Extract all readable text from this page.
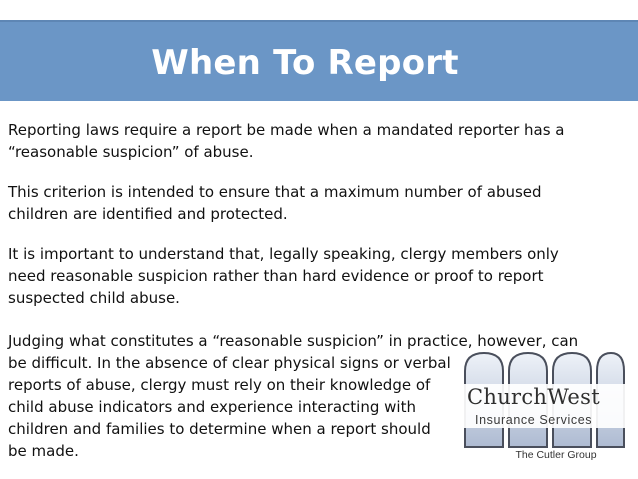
When To Report

Reporting laws require a report be made when a mandated reporter has a
“reasonable suspicion” of abuse.

This criterion is intended to ensure that a maximum number of abused
children are identified and protected.

It is important to understand that, legally speaking, clergy members only
need reasonable suspicion rather than hard evidence or proof to report
suspected child abuse.

Judging what constitutes a “reasonable suspicion” in practice, however, can
be difficult. In the absence of clear physical signs or verbal
reports of abuse, clergy must rely on their knowledge of
child abuse indicators and experience interacting with
children and families to determine when a report should
be made.

ChurchWest
Insurance Services
The Cutler Group
